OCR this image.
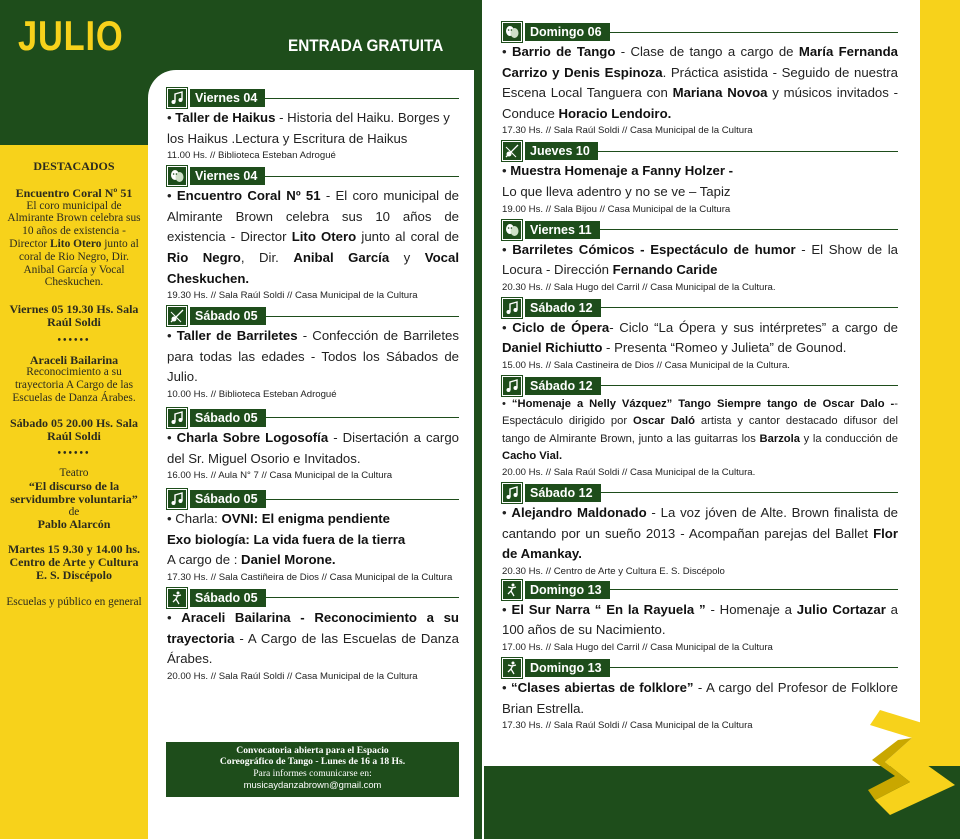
JULIO	ENTRADA GRATUITA
DESTACADOS
Encuentro Coral Nº 51
El coro municipal de Almirante Brown celebra sus 10 años de existencia - Director Lito Otero junto al coral de Rio Negro, Dir. Anibal García y Vocal Cheskuchen.
Viernes 05 19.30 Hs. Sala Raúl Soldi
••••••
Araceli Bailarina
Reconocimiento a su trayectoria A Cargo de las Escuelas de Danza Árabes.
Sábado 05 20.00 Hs. Sala Raúl Soldi
••••••
Teatro
“El discurso de la servidumbre voluntaria”
de
Pablo Alarcón
Martes 15 9.30 y 14.00 hs. Centro de Arte y Cultura E. S. Discépolo
Escuelas y público en general
Viernes 04
• Taller de Haikus - Historia del Haiku. Borges y los Haikus .Lectura y Escritura de Haikus
11.00 Hs. // Biblioteca Esteban Adrogué
Viernes 04
• Encuentro Coral Nº 51 - El coro municipal de Almirante Brown celebra sus 10 años de existencia - Director Lito Otero junto al coral de Rio Negro, Dir. Anibal García y Vocal Cheskuchen.
19.30 Hs. // Sala Raúl Soldi // Casa Municipal de la Cultura
Sábado 05
• Taller de Barriletes - Confección de Barriletes para todas las edades - Todos los Sábados de Julio.
10.00 Hs. // Biblioteca Esteban Adrogué
Sábado 05
• Charla Sobre Logosofía - Disertación a cargo del Sr. Miguel Osorio e Invitados.
16.00 Hs. // Aula N° 7 // Casa Municipal de la Cultura
Sábado 05
• Charla: OVNI: El enigma pendiente
Exo biología: La vida fuera de la tierra
A cargo de : Daniel Morone.
17.30 Hs. // Sala Castiñeira de Dios // Casa Municipal de la Cultura
Sábado 05
• Araceli Bailarina - Reconocimiento a su trayectoria - A Cargo de las Escuelas de Danza Árabes.
20.00 Hs. // Sala Raúl Soldi // Casa Municipal de la Cultura
Convocatoria abierta para el Espacio
Coreográfico de Tango - Lunes de 16 a 18 Hs.
Para informes comunicarse en:
musicaydanzabrown@gmail.com
Domingo 06
• Barrio de Tango - Clase de tango a cargo de María Fernanda Carrizo y Denis Espinoza. Práctica asistida - Seguido de nuestra Escena Local Tanguera con Mariana Novoa y músicos invitados - Conduce Horacio Lendoiro.
17.30 Hs. // Sala Raúl Soldi // Casa Municipal de la Cultura
Jueves 10
• Muestra Homenaje a Fanny Holzer -
Lo que lleva adentro y no se ve – Tapiz
19.00 Hs. // Sala Bijou // Casa Municipal de la Cultura
Viernes 11
• Barriletes Cómicos - Espectáculo de humor - El Show de la Locura - Dirección Fernando Caride
20.30 Hs. // Sala Hugo del Carril // Casa Municipal de la Cultura.
Sábado 12
• Ciclo de Ópera- Ciclo “La Ópera y sus intérpretes” a cargo de Daniel Richiutto - Presenta “Romeo y Julieta” de Gounod.
15.00 Hs. // Sala Castineira de Dios // Casa Municipal de la Cultura.
Sábado 12
• “Homenaje a Nelly Vázquez” Tango Siempre tango de Oscar Dalo -- Espectáculo dirigido por Oscar Daló artista y cantor destacado difusor del tango de Almirante Brown, junto a las guitarras los Barzola y la conducción de Cacho Vial.
20.00 Hs. // Sala Raúl Soldi // Casa Municipal de la Cultura.
Sábado 12
• Alejandro Maldonado - La voz jóven de Alte. Brown finalista de cantando por un sueño 2013 - Acompañan parejas del Ballet Flor de Amankay.
20.30 Hs. // Centro de Arte y Cultura E. S. Discépolo
Domingo 13
• El Sur Narra “ En la Rayuela ” - Homenaje a Julio Cortazar a 100 años de su Nacimiento.
17.00 Hs. // Sala Hugo del Carril // Casa Municipal de la Cultura
Domingo 13
• “Clases abiertas de folklore” - A cargo del Profesor de Folklore Brian Estrella.
17.30 Hs. // Sala Raúl Soldi // Casa Municipal de la Cultura
